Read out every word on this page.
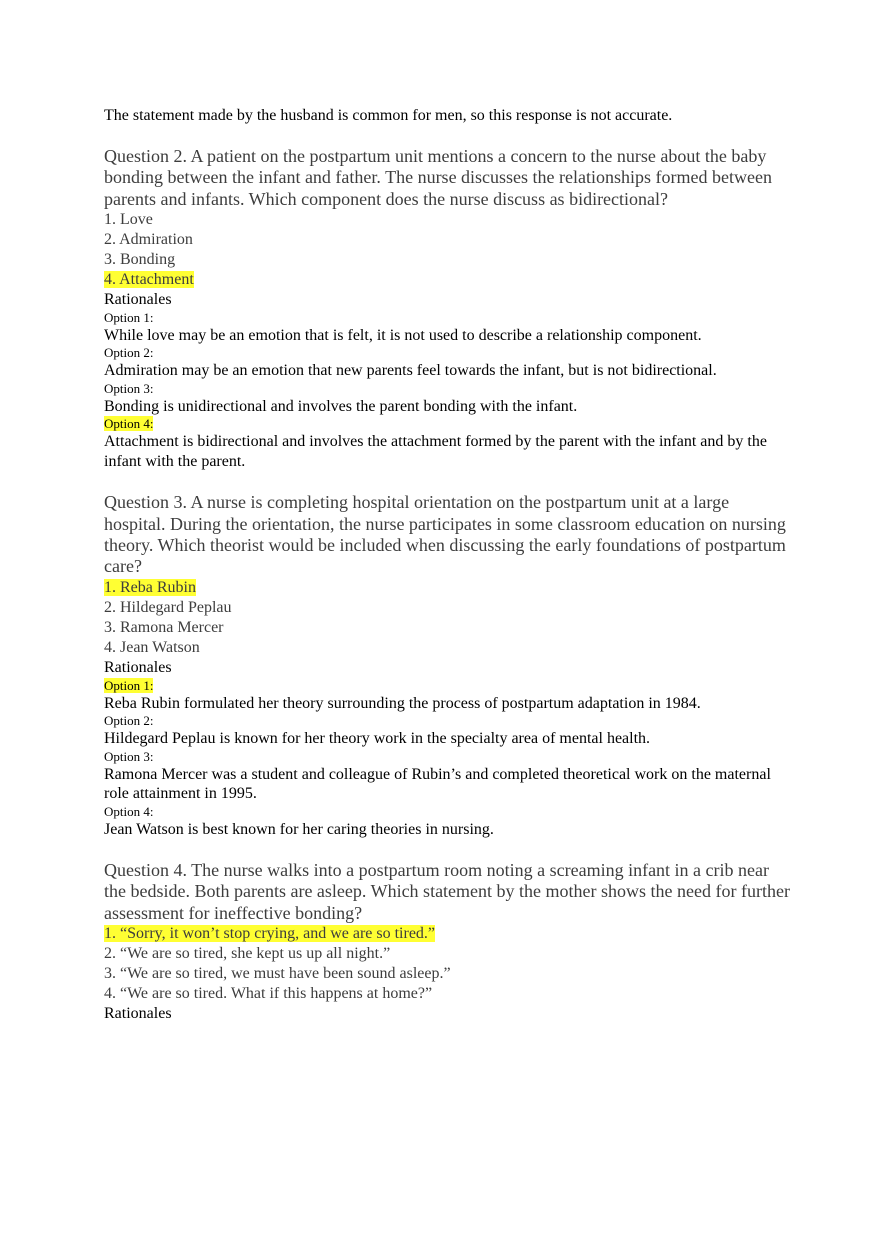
The statement made by the husband is common for men, so this response is not accurate.
Question 2. A patient on the postpartum unit mentions a concern to the nurse about the baby bonding between the infant and father. The nurse discusses the relationships formed between parents and infants. Which component does the nurse discuss as bidirectional?
1. Love
2. Admiration
3. Bonding
4. Attachment
Rationales
Option 1:
While love may be an emotion that is felt, it is not used to describe a relationship component.
Option 2:
Admiration may be an emotion that new parents feel towards the infant, but is not bidirectional.
Option 3:
Bonding is unidirectional and involves the parent bonding with the infant.
Option 4:
Attachment is bidirectional and involves the attachment formed by the parent with the infant and by the infant with the parent.
Question 3. A nurse is completing hospital orientation on the postpartum unit at a large hospital. During the orientation, the nurse participates in some classroom education on nursing theory. Which theorist would be included when discussing the early foundations of postpartum care?
1. Reba Rubin
2. Hildegard Peplau
3. Ramona Mercer
4. Jean Watson
Rationales
Option 1:
Reba Rubin formulated her theory surrounding the process of postpartum adaptation in 1984.
Option 2:
Hildegard Peplau is known for her theory work in the specialty area of mental health.
Option 3:
Ramona Mercer was a student and colleague of Rubin’s and completed theoretical work on the maternal role attainment in 1995.
Option 4:
Jean Watson is best known for her caring theories in nursing.
Question 4. The nurse walks into a postpartum room noting a screaming infant in a crib near the bedside. Both parents are asleep. Which statement by the mother shows the need for further assessment for ineffective bonding?
1. “Sorry, it won’t stop crying, and we are so tired.”
2. “We are so tired, she kept us up all night.”
3. “We are so tired, we must have been sound asleep.”
4. “We are so tired. What if this happens at home?”
Rationales
